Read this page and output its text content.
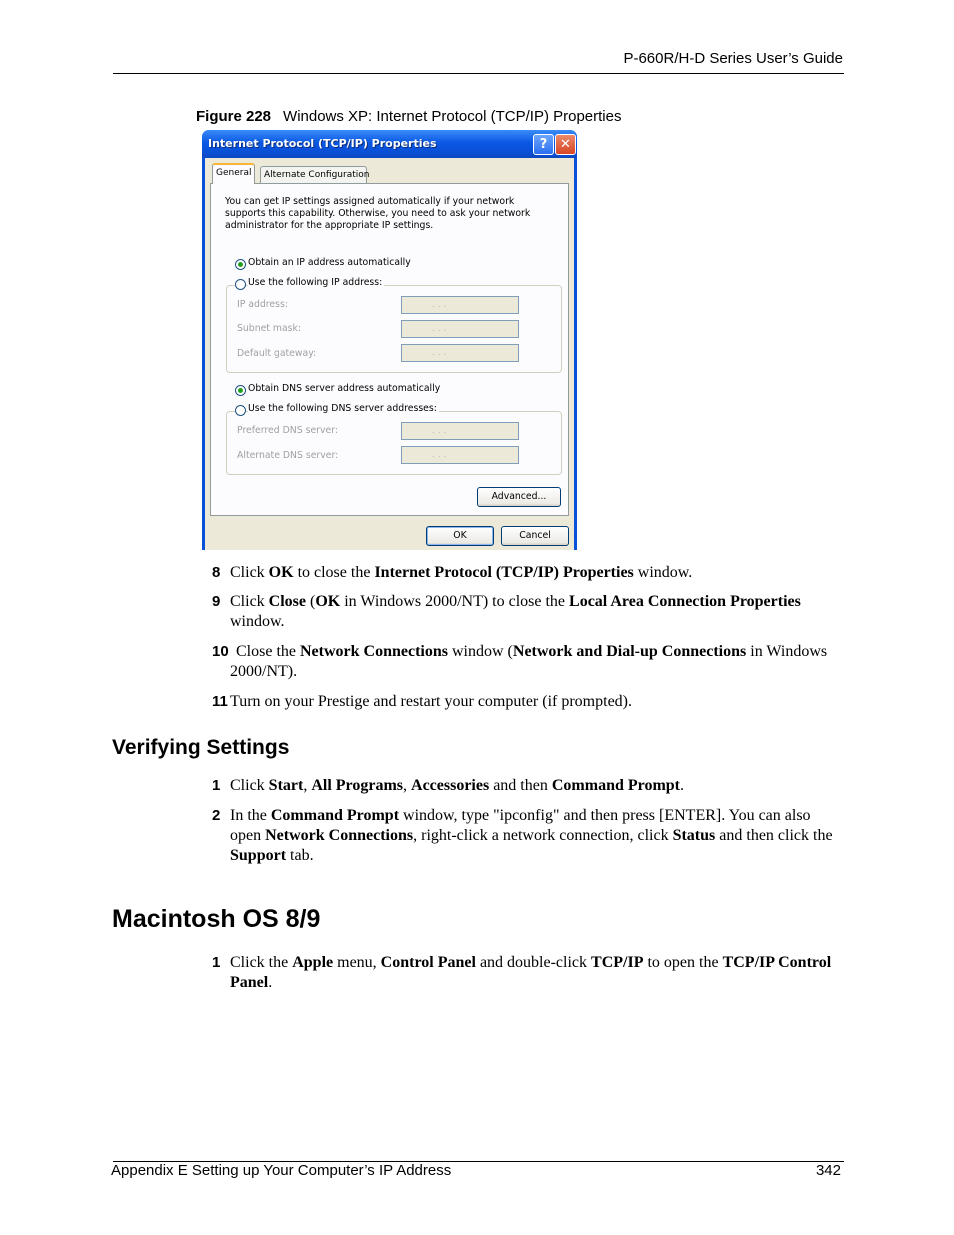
P-660R/H-D Series User’s Guide
Figure 228 Windows XP: Internet Protocol (TCP/IP) Properties
Internet Protocol (TCP/IP) Properties	? ✕
General	Alternate Configuration
You can get IP settings assigned automatically if your network supports this capability. Otherwise, you need to ask your network administrator for the appropriate IP settings.
Obtain an IP address automatically
Use the following IP address:
IP address:	. . .
Subnet mask:	. . .
Default gateway:	. . .
Obtain DNS server address automatically
Use the following DNS server addresses:
Preferred DNS server:	. . .
Alternate DNS server:	. . .
Advanced...
OK	Cancel
8 Click OK to close the Internet Protocol (TCP/IP) Properties window.
9 Click Close (OK in Windows 2000/NT) to close the Local Area Connection Properties window.
10 Close the Network Connections window (Network and Dial-up Connections in Windows 2000/NT).
11 Turn on your Prestige and restart your computer (if prompted).
Verifying Settings
1 Click Start, All Programs, Accessories and then Command Prompt.
2 In the Command Prompt window, type "ipconfig" and then press [ENTER]. You can also open Network Connections, right-click a network connection, click Status and then click the Support tab.
Macintosh OS 8/9
1 Click the Apple menu, Control Panel and double-click TCP/IP to open the TCP/IP Control Panel.
Appendix E Setting up Your Computer’s IP Address	342
